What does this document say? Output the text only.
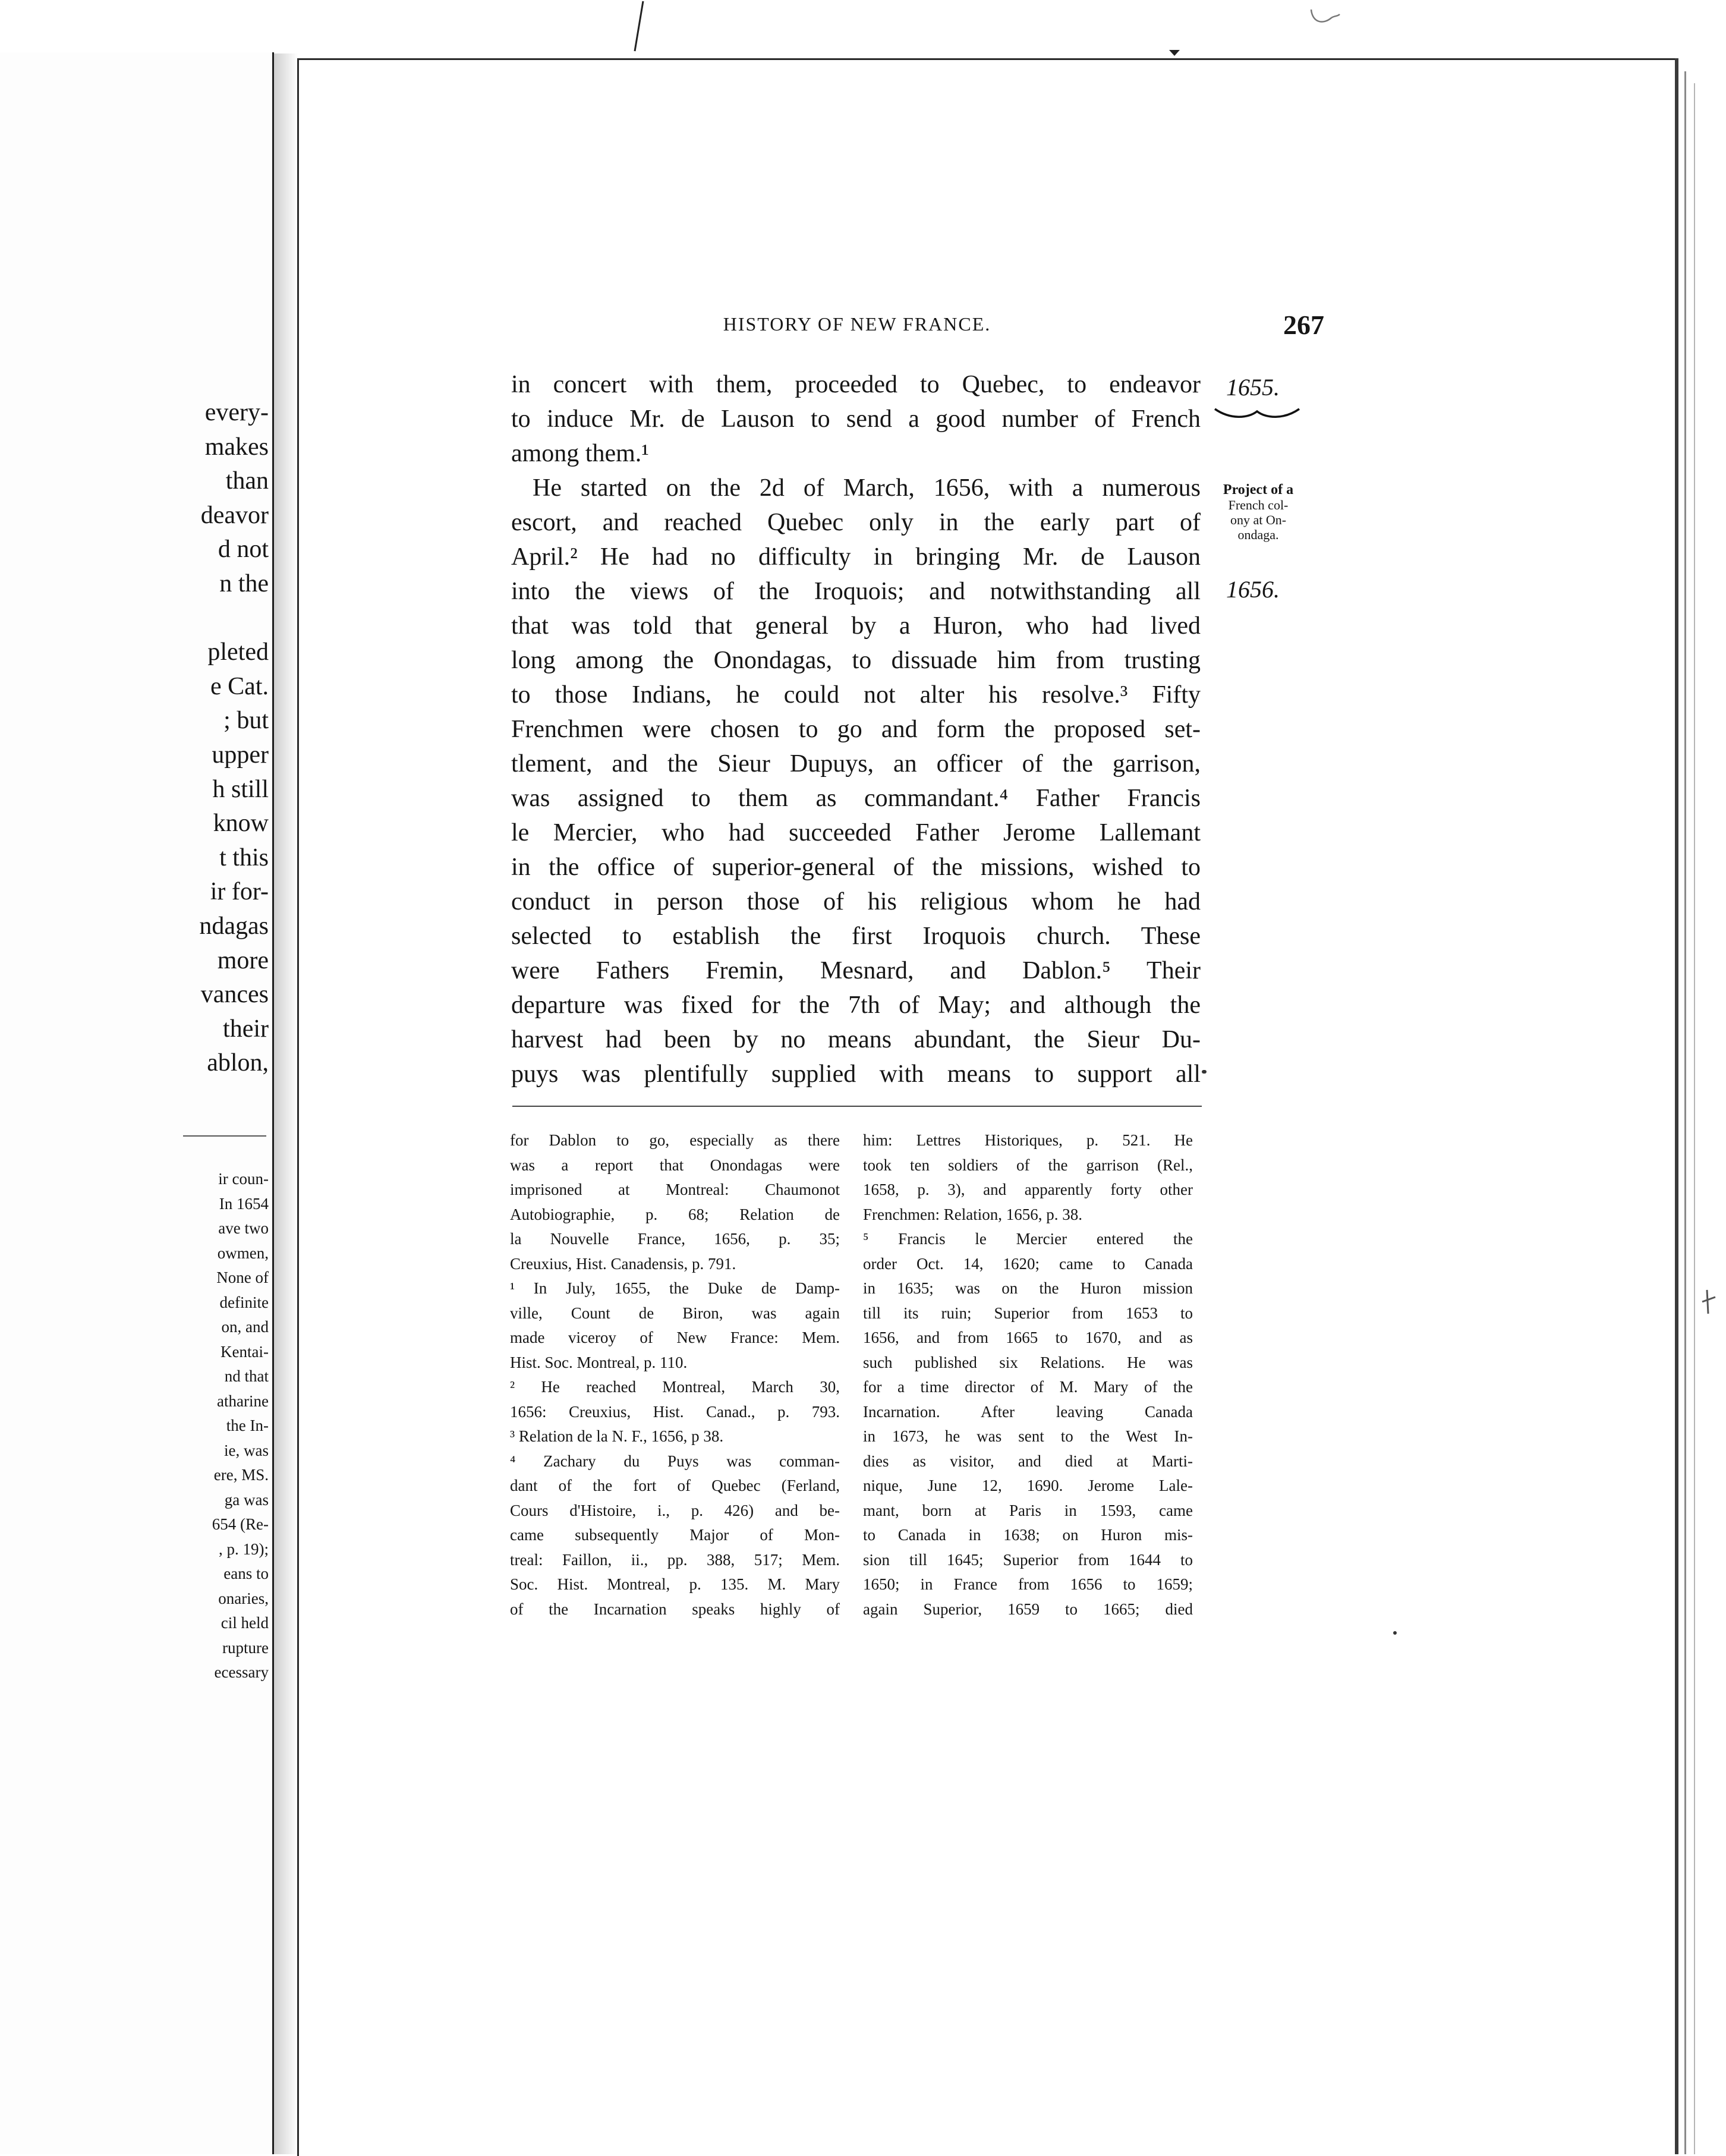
every-
makes
than
deavor
d not
n the

pleted
e Cat.
; but
upper
h still
know
t this
ir for-
ndagas
more
vances
their
ablon,
ir coun-
In 1654
ave two
owmen,
None of
definite
on, and
Kentai-
nd that
atharine
the In-
ie, was
ere, MS.
ga was
654 (Re-
, p. 19);
eans to
onaries,
cil held
rupture
ecessary
HISTORY OF NEW FRANCE.	267
1655.
Project of a
French col-
ony at On-
ondaga.
1656.
in concert with them, proceeded to Quebec, to endeavor
to induce Mr. de Lauson to send a good number of French
among them.¹
He started on the 2d of March, 1656, with a numerous
escort, and reached Quebec only in the early part of
April.² He had no difficulty in bringing Mr. de Lauson
into the views of the Iroquois; and notwithstanding all
that was told that general by a Huron, who had lived
long among the Onondagas, to dissuade him from trusting
to those Indians, he could not alter his resolve.³ Fifty
Frenchmen were chosen to go and form the proposed set-
tlement, and the Sieur Dupuys, an officer of the garrison,
was assigned to them as commandant.⁴ Father Francis
le Mercier, who had succeeded Father Jerome Lallemant
in the office of superior-general of the missions, wished to
conduct in person those of his religious whom he had
selected to establish the first Iroquois church. These
were Fathers Fremin, Mesnard, and Dablon.⁵ Their
departure was fixed for the 7th of May; and although the
harvest had been by no means abundant, the Sieur Du-
puys was plentifully supplied with means to support all
for Dablon to go, especially as there
was a report that Onondagas were
imprisoned at Montreal: Chaumonot
Autobiographie, p. 68; Relation de
la Nouvelle France, 1656, p. 35;
Creuxius, Hist. Canadensis, p. 791.
¹ In July, 1655, the Duke de Damp-
ville, Count de Biron, was again
made viceroy of New France: Mem.
Hist. Soc. Montreal, p. 110.
² He reached Montreal, March 30,
1656: Creuxius, Hist. Canad., p. 793.
³ Relation de la N. F., 1656, p 38.
⁴ Zachary du Puys was comman-
dant of the fort of Quebec (Ferland,
Cours d'Histoire, i., p. 426) and be-
came subsequently Major of Mon-
treal: Faillon, ii., pp. 388, 517; Mem.
Soc. Hist. Montreal, p. 135. M. Mary
of the Incarnation speaks highly of
him: Lettres Historiques, p. 521. He
took ten soldiers of the garrison (Rel.,
1658, p. 3), and apparently forty other
Frenchmen: Relation, 1656, p. 38.
⁵ Francis le Mercier entered the
order Oct. 14, 1620; came to Canada
in 1635; was on the Huron mission
till its ruin; Superior from 1653 to
1656, and from 1665 to 1670, and as
such published six Relations. He was
for a time director of M. Mary of the
Incarnation. After leaving Canada
in 1673, he was sent to the West In-
dies as visitor, and died at Marti-
nique, June 12, 1690. Jerome Lale-
mant, born at Paris in 1593, came
to Canada in 1638; on Huron mis-
sion till 1645; Superior from 1644 to
1650; in France from 1656 to 1659;
again Superior, 1659 to 1665; died
